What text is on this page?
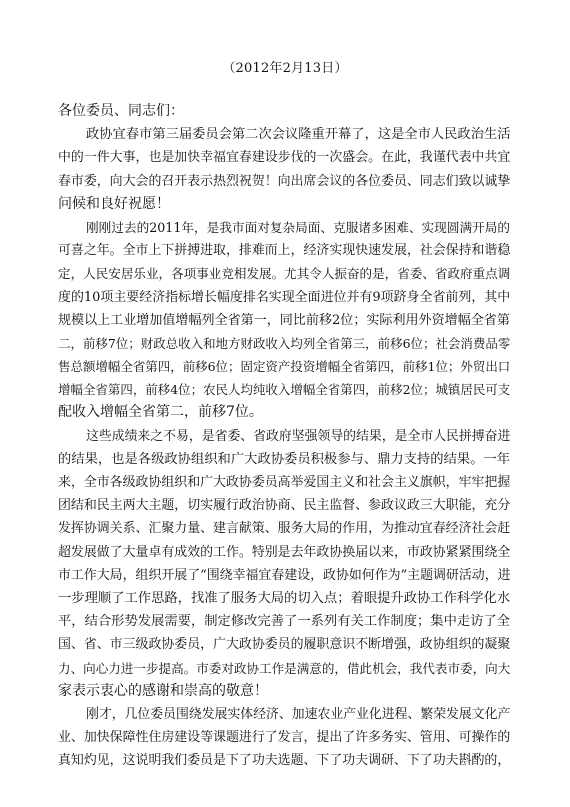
（2012年2月13日）

各位委员、同志们：

政协宜春市第三届委员会第二次会议隆重开幕了，这是全市人民政治生活
中的一件大事，也是加快幸福宜春建设步伐的一次盛会。在此，我谨代表中共宜
春市委，向大会的召开表示热烈祝贺！向出席会议的各位委员、同志们致以诚挚
问候和良好祝愿！

刚刚过去的2011年，是我市面对复杂局面、克服诸多困难、实现圆满开局的
可喜之年。全市上下拼搏进取，排难而上，经济实现快速发展，社会保持和谐稳
定，人民安居乐业，各项事业竞相发展。尤其令人振奋的是，省委、省政府重点调
度的10项主要经济指标增长幅度排名实现全面进位并有9项跻身全省前列，其中
规模以上工业增加值增幅列全省第一，同比前移2位；实际利用外资增幅全省第
二，前移7位；财政总收入和地方财政收入均列全省第三，前移6位；社会消费品零
售总额增幅全省第四，前移6位；固定资产投资增幅全省第四，前移1位；外贸出口
增幅全省第四，前移4位；农民人均纯收入增幅全省第四，前移2位；城镇居民可支
配收入增幅全省第二，前移7位。

这些成绩来之不易，是省委、省政府坚强领导的结果，是全市人民拼搏奋进
的结果，也是各级政协组织和广大政协委员积极参与、鼎力支持的结果。一年
来，全市各级政协组织和广大政协委员高举爱国主义和社会主义旗帜，牢牢把握
团结和民主两大主题，切实履行政治协商、民主监督、参政议政三大职能，充分
发挥协调关系、汇聚力量、建言献策、服务大局的作用，为推动宜春经济社会赶
超发展做了大量卓有成效的工作。特别是去年政协换届以来，市政协紧紧围绕全
市工作大局，组织开展了“围绕幸福宜春建设，政协如何作为”主题调研活动，进
一步理顺了工作思路，找准了服务大局的切入点；着眼提升政协工作科学化水
平，结合形势发展需要，制定修改完善了一系列有关工作制度；集中走访了全
国、省、市三级政协委员，广大政协委员的履职意识不断增强，政协组织的凝聚
力、向心力进一步提高。市委对政协工作是满意的，借此机会，我代表市委，向大
家表示衷心的感谢和崇高的敬意！

刚才，几位委员围绕发展实体经济、加速农业产业化进程、繁荣发展文化产
业、加快保障性住房建设等课题进行了发言，提出了许多务实、管用、可操作的
真知灼见，这说明我们委员是下了功夫选题、下了功夫调研、下了功夫斟酌的，
